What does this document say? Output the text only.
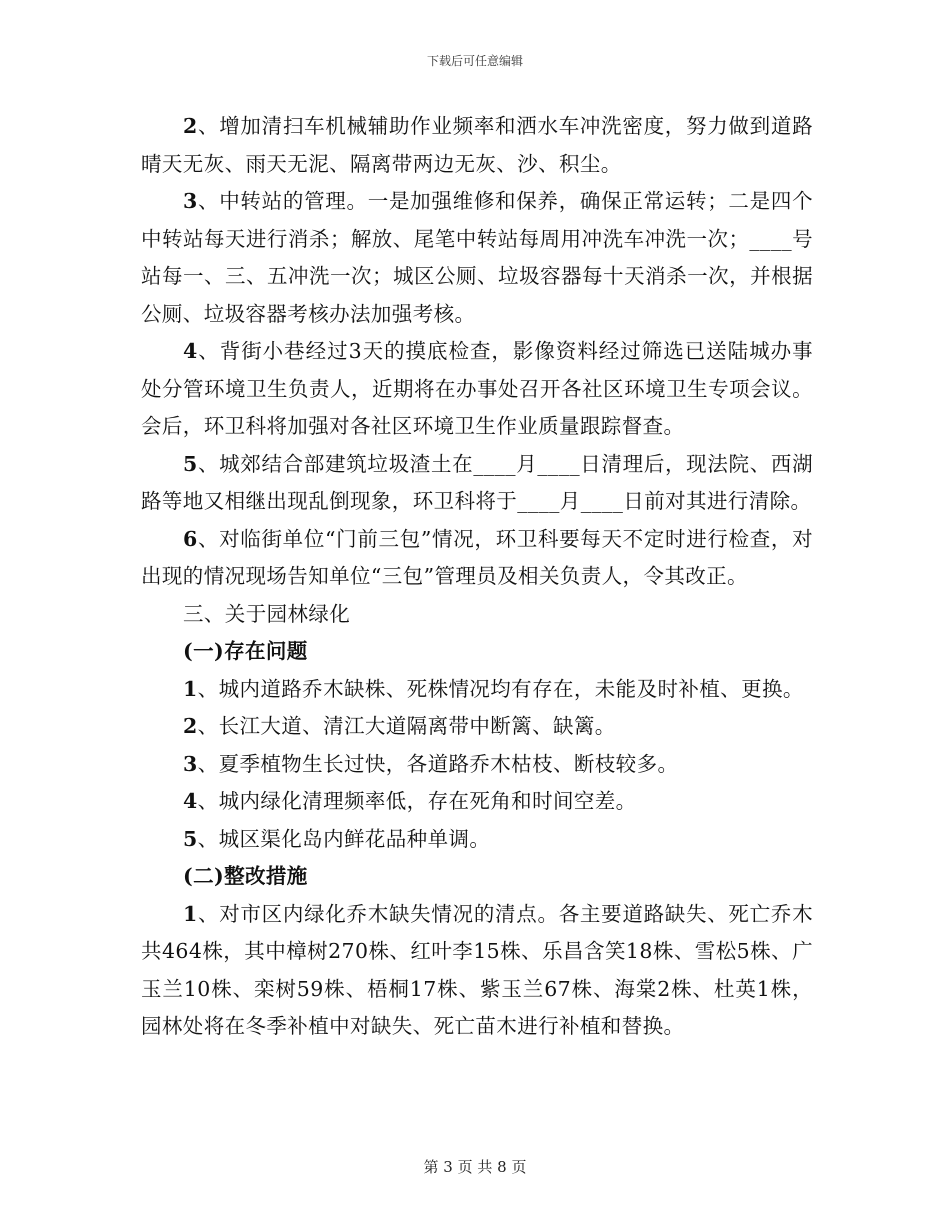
下载后可任意编辑

2、增加清扫车机械辅助作业频率和洒水车冲洗密度，努力做到道路晴天无灰、雨天无泥、隔离带两边无灰、沙、积尘。

3、中转站的管理。一是加强维修和保养，确保正常运转；二是四个中转站每天进行消杀；解放、尾笔中转站每周用冲洗车冲洗一次；____号站每一、三、五冲洗一次；城区公厕、垃圾容器每十天消杀一次，并根据公厕、垃圾容器考核办法加强考核。

4、背街小巷经过3天的摸底检查，影像资料经过筛选已送陆城办事处分管环境卫生负责人，近期将在办事处召开各社区环境卫生专项会议。会后，环卫科将加强对各社区环境卫生作业质量跟踪督查。

5、城郊结合部建筑垃圾渣土在____月____日清理后，现法院、西湖路等地又相继出现乱倒现象，环卫科将于____月____日前对其进行清除。

6、对临街单位“门前三包”情况，环卫科要每天不定时进行检查，对出现的情况现场告知单位“三包”管理员及相关负责人，令其改正。

三、关于园林绿化

(一)存在问题

1、城内道路乔木缺株、死株情况均有存在，未能及时补植、更换。

2、长江大道、清江大道隔离带中断篱、缺篱。

3、夏季植物生长过快，各道路乔木枯枝、断枝较多。

4、城内绿化清理频率低，存在死角和时间空差。

5、城区渠化岛内鲜花品种单调。

(二)整改措施

1、对市区内绿化乔木缺失情况的清点。各主要道路缺失、死亡乔木共464株，其中樟树270株、红叶李15株、乐昌含笑18株、雪松5株、广玉兰10株、栾树59株、梧桐17株、紫玉兰67株、海棠2株、杜英1株，园林处将在冬季补植中对缺失、死亡苗木进行补植和替换。

第 3 页 共 8 页
